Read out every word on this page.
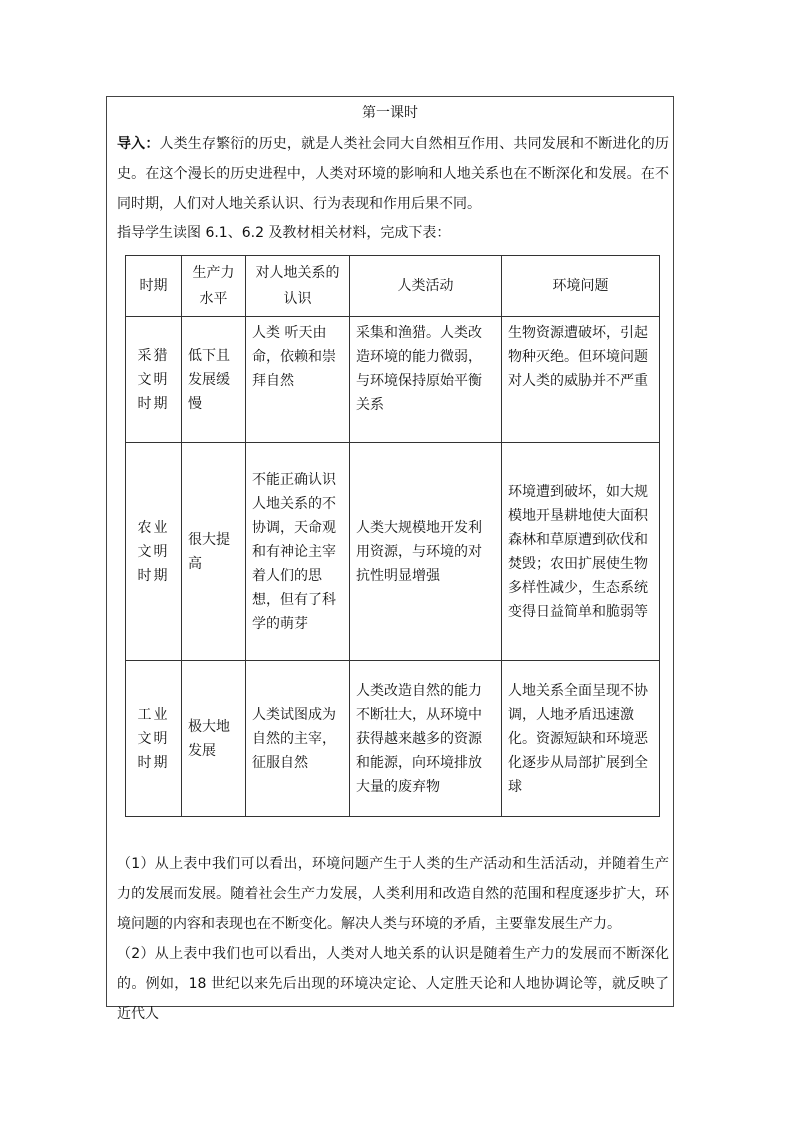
第一课时
导入：人类生存繁衍的历史，就是人类社会同大自然相互作用、共同发展和不断进化的历史。在这个漫长的历史进程中，人类对环境的影响和人地关系也在不断深化和发展。在不同时期，人们对人地关系认识、行为表现和作用后果不同。
指导学生读图 6.1、6.2 及教材相关材料，完成下表：
时期	生产力水平	对人地关系的认识	人类活动	环境问题
采猎文明时期	低下且发展缓慢	人类 听天由命，依赖和崇拜自然	采集和渔猎。人类改造环境的能力微弱，与环境保持原始平衡关系	生物资源遭破坏，引起物种灭绝。但环境问题对人类的威胁并不严重
农业文明时期	很大提高	不能正确认识人地关系的不协调，天命观和有神论主宰着人们的思想，但有了科学的萌芽	人类大规模地开发利用资源，与环境的对抗性明显增强	环境遭到破坏，如大规模地开垦耕地使大面积森林和草原遭到砍伐和焚毁；农田扩展使生物多样性减少，生态系统变得日益简单和脆弱等
工业文明时期	极大地发展	人类试图成为自然的主宰，征服自然	人类改造自然的能力不断壮大，从环境中获得越来越多的资源和能源，向环境排放大量的废弃物	人地关系全面呈现不协调，人地矛盾迅速激化。资源短缺和环境恶化逐步从局部扩展到全球
（1）从上表中我们可以看出，环境问题产生于人类的生产活动和生活活动，并随着生产力的发展而发展。随着社会生产力发展，人类利用和改造自然的范围和程度逐步扩大，环境问题的内容和表现也在不断变化。解决人类与环境的矛盾，主要靠发展生产力。
（2）从上表中我们也可以看出，人类对人地关系的认识是随着生产力的发展而不断深化的。例如，18 世纪以来先后出现的环境决定论、人定胜天论和人地协调论等，就反映了近代人
